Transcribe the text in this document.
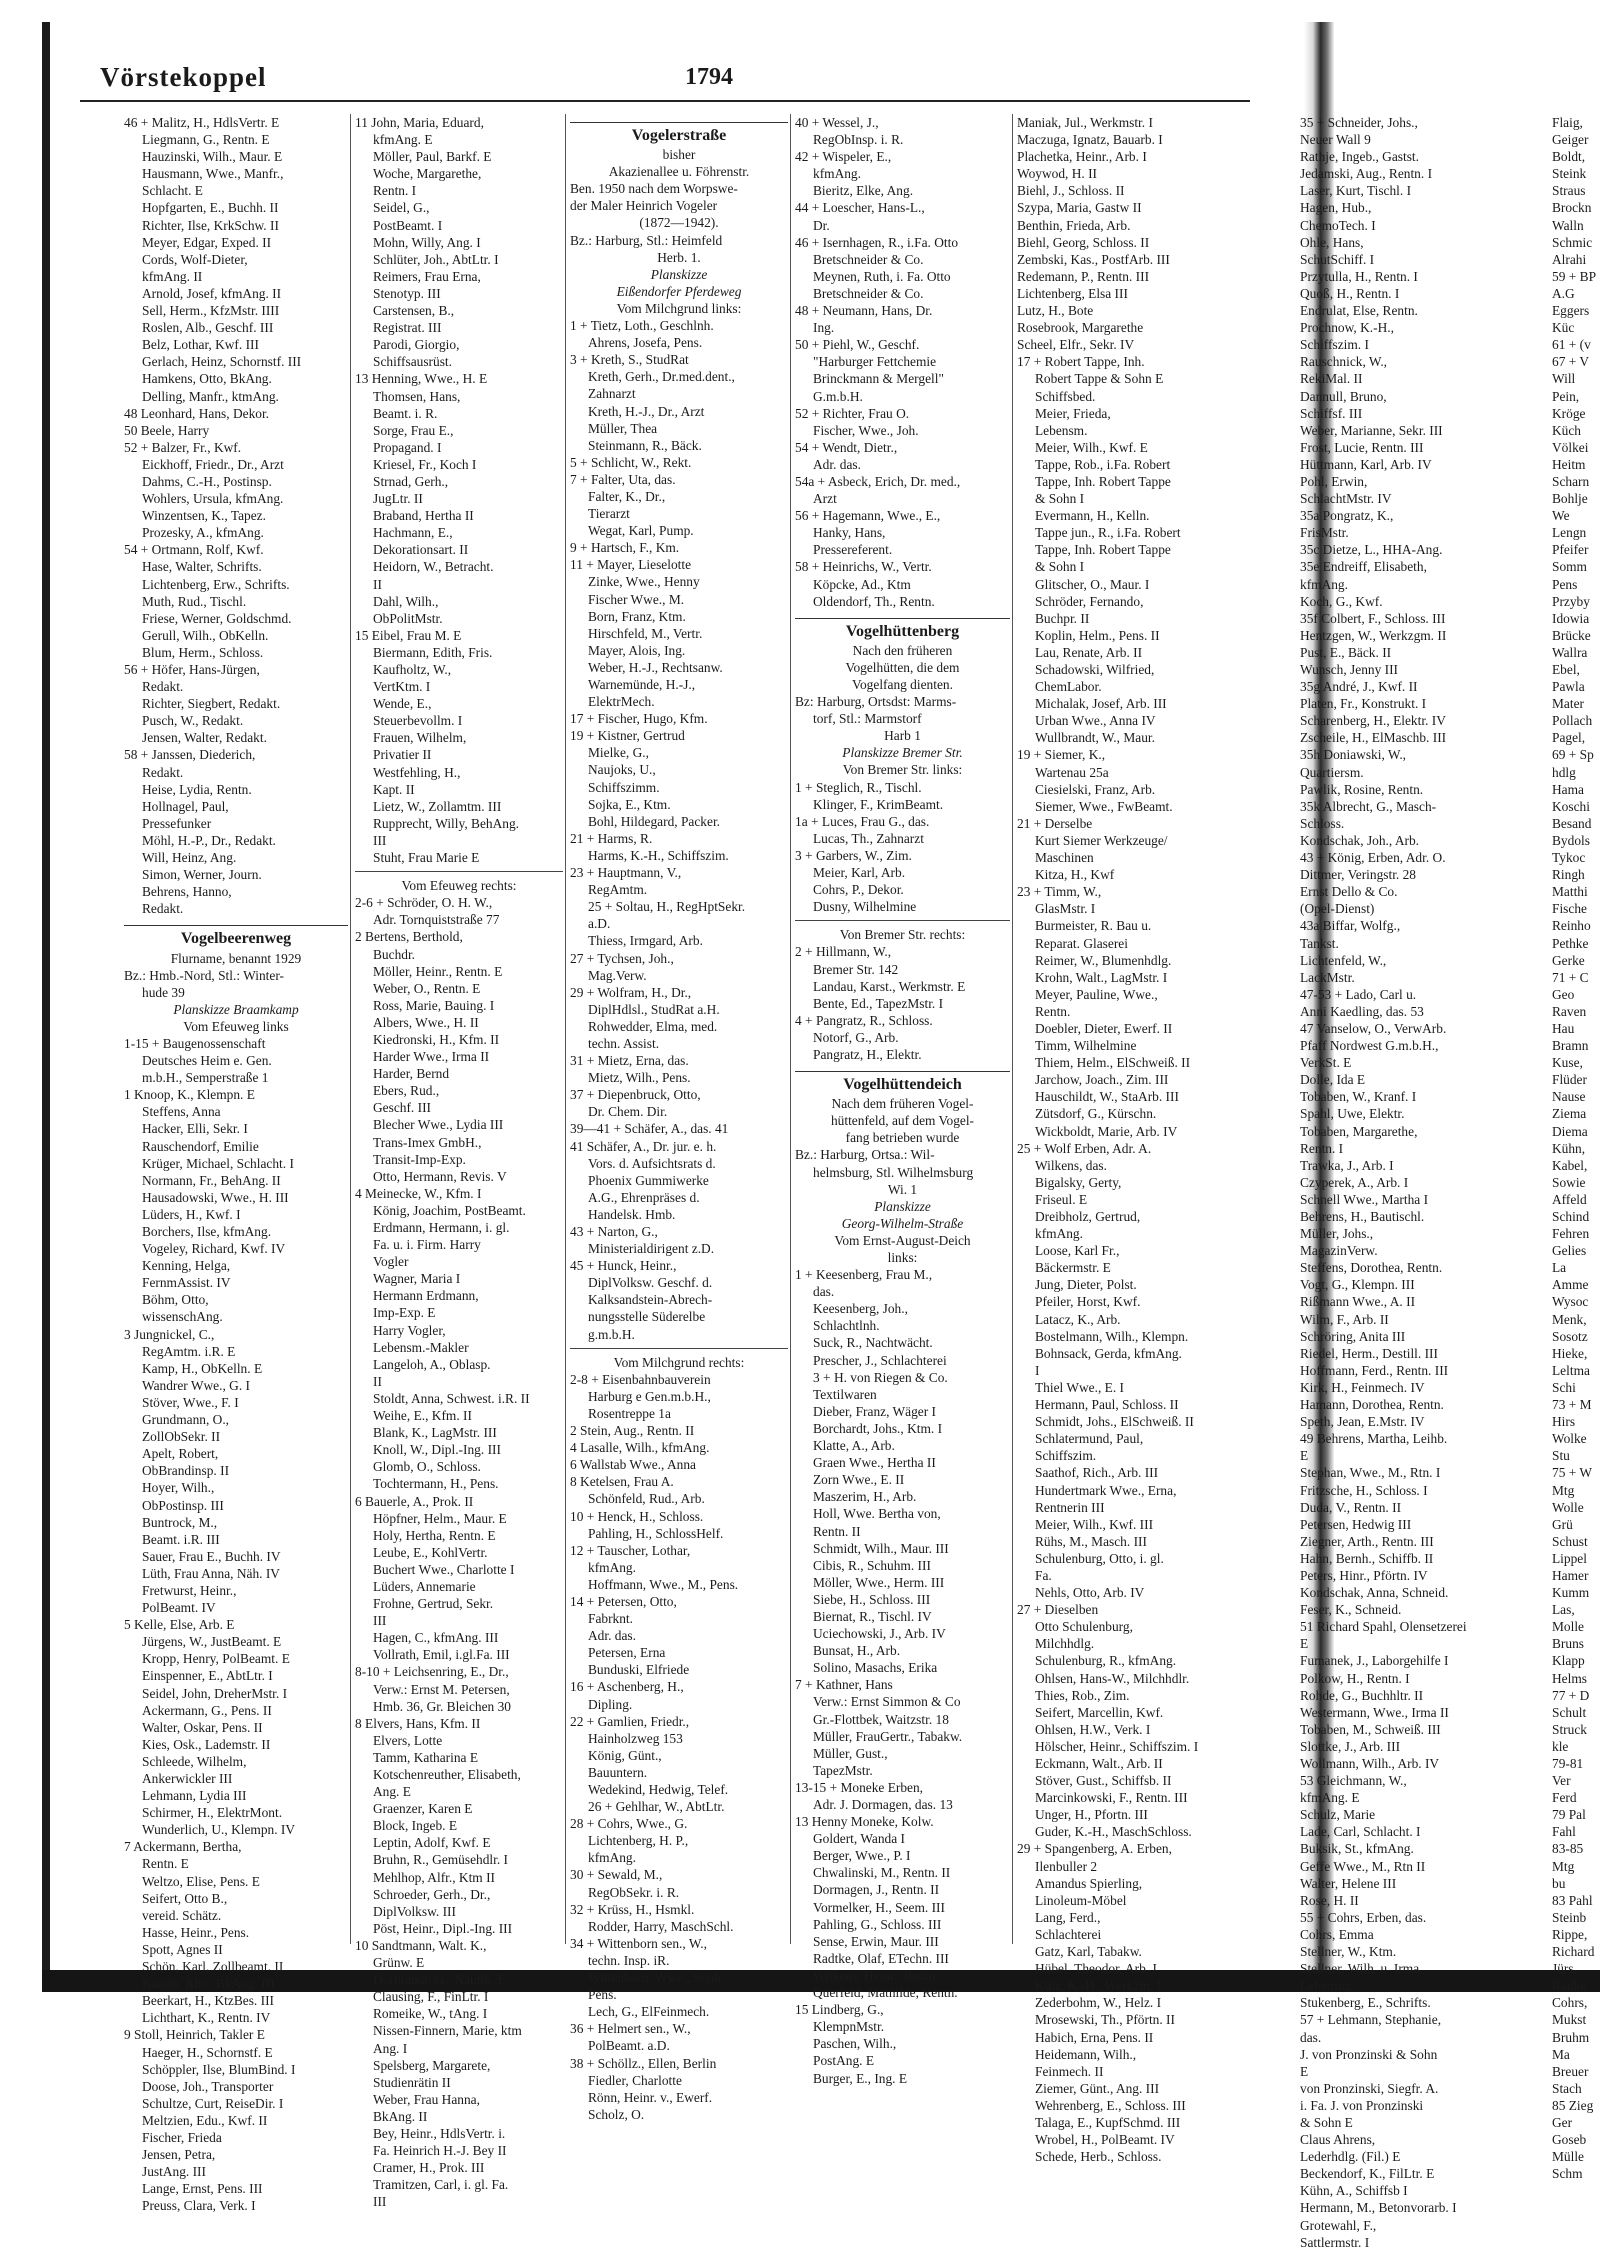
Vörstekoppel	1794

46 + Malitz, H., HdlsVertr. E

Liegmann, G., Rentn. E

Hauzinski, Wilh., Maur. E

Hausmann, Wwe., Manfr.,

Schlacht. E

Hopfgarten, E., Buchh. II

Richter, Ilse, KrkSchw. II

Meyer, Edgar, Exped. II

Cords, Wolf-Dieter,

kfmAng. II

Arnold, Josef, kfmAng. II

Sell, Herm., KfzMstr. IIII

Roslen, Alb., Geschf. III

Belz, Lothar, Kwf. III

Gerlach, Heinz, Schornstf. III

Hamkens, Otto, BkAng.

Delling, Manfr., ktmAng.

48 Leonhard, Hans, Dekor.

50 Beele, Harry

52 + Balzer, Fr., Kwf.

Eickhoff, Friedr., Dr., Arzt

Dahms, C.-H., Postinsp.

Wohlers, Ursula, kfmAng.

Winzentsen, K., Tapez.

Prozesky, A., kfmAng.

54 + Ortmann, Rolf, Kwf.

Hase, Walter, Schrifts.

Lichtenberg, Erw., Schrifts.

Muth, Rud., Tischl.

Friese, Werner, Goldschmd.

Gerull, Wilh., ObKelln.

Blum, Herm., Schloss.

56 + Höfer, Hans-Jürgen,

Redakt.

Richter, Siegbert, Redakt.

Pusch, W., Redakt.

Jensen, Walter, Redakt.

58 + Janssen, Diederich,

Redakt.

Heise, Lydia, Rentn.

Hollnagel, Paul,

Pressefunker

Möhl, H.-P., Dr., Redakt.

Will, Heinz, Ang.

Simon, Werner, Journ.

Behrens, Hanno,

Redakt.

Vogelbeerenweg

Flurname, benannt 1929

Bz.: Hmb.-Nord, Stl.: Winter-

hude 39

Planskizze Braamkamp

Vom Efeuweg links

1-15 + Baugenossenschaft

Deutsches Heim e. Gen.

m.b.H., Semperstraße 1

1 Knoop, K., Klempn. E

Steffens, Anna

Hacker, Elli, Sekr. I

Rauschendorf, Emilie

Krüger, Michael, Schlacht. I

Normann, Fr., BehAng. II

Hausadowski, Wwe., H. III

Lüders, H., Kwf. I

Borchers, Ilse, kfmAng.

Vogeley, Richard, Kwf. IV

Kenning, Helga,

FernmAssist. IV

Böhm, Otto,

wissenschAng.

3 Jungnickel, C.,

RegAmtm. i.R. E

Kamp, H., ObKelln. E

Wandrer Wwe., G. I

Stöver, Wwe., F. I

Grundmann, O.,

ZollObSekr. II

Apelt, Robert,

ObBrandinsp. II

Hoyer, Wilh.,

ObPostinsp. III

Buntrock, M.,

Beamt. i.R. III

Sauer, Frau E., Buchh. IV

Lüth, Frau Anna, Näh. IV

Fretwurst, Heinr.,

PolBeamt. IV

5 Kelle, Else, Arb. E

Jürgens, W., JustBeamt. E

Kropp, Henry, PolBeamt. E

Einspenner, E., AbtLtr. I

Seidel, John, DreherMstr. I

Ackermann, G., Pens. II

Walter, Oskar, Pens. II

Kies, Osk., Lademstr. II

Schleede, Wilhelm,

Ankerwickler III

Lehmann, Lydia III

Schirmer, H., ElektrMont.

Wunderlich, U., Klempn. IV

7 Ackermann, Bertha,

Rentn. E

Weltzo, Elise, Pens. E

Seifert, Otto B.,

vereid. Schätz.

Hasse, Heinr., Pens.

Spott, Agnes II

Schön, Karl, Zollbeamt. II

Kamm, Alfr., BkAng. III

Beerkart, H., KtzBes. III

Lichthart, K., Rentn. IV

9 Stoll, Heinrich, Takler E

Haeger, H., Schornstf. E

Schöppler, Ilse, BlumBind. I

Doose, Joh., Transporter

Schultze, Curt, ReiseDir. I

Meltzien, Edu., Kwf. II

Fischer, Frieda

Jensen, Petra,

JustAng. III

Lange, Ernst, Pens. III

Preuss, Clara, Verk. I

11 John, Maria, Eduard,

kfmAng. E

Möller, Paul, Barkf. E

Woche, Margarethe,

Rentn. I

Seidel, G.,

PostBeamt. I

Mohn, Willy, Ang. I

Schlüter, Joh., AbtLtr. I

Reimers, Frau Erna,

Stenotyp. III

Carstensen, B.,

Registrat. III

Parodi, Giorgio,

Schiffsausrüst.

13 Henning, Wwe., H. E

Thomsen, Hans,

Beamt. i. R.

Sorge, Frau E.,

Propagand. I

Kriesel, Fr., Koch I

Strnad, Gerh.,

JugLtr. II

Braband, Hertha II

Hachmann, E.,

Dekorationsart. II

Heidorn, W., Betracht.

II

Dahl, Wilh.,

ObPolitMstr.

15 Eibel, Frau M. E

Biermann, Edith, Fris.

Kaufholtz, W.,

VertKtm. I

Wende, E.,

Steuerbevollm. I

Frauen, Wilhelm,

Privatier II

Westfehling, H.,

Kapt. II

Lietz, W., Zollamtm. III

Rupprecht, Willy, BehAng.

III

Stuht, Frau Marie E

Vom Efeuweg rechts:

2-6 + Schröder, O. H. W.,

Adr. Tornquiststraße 77

2 Bertens, Berthold,

Buchdr.

Möller, Heinr., Rentn. E

Weber, O., Rentn. E

Ross, Marie, Bauing. I

Albers, Wwe., H. II

Kiedronski, H., Kfm. II

Harder Wwe., Irma II

Harder, Bernd

Ebers, Rud.,

Geschf. III

Blecher Wwe., Lydia III

Trans-Imex GmbH.,

Transit-Imp-Exp.

Otto, Hermann, Revis. V

4 Meinecke, W., Kfm. I

König, Joachim, PostBeamt.

Erdmann, Hermann, i. gl.

Fa. u. i. Firm. Harry

Vogler

Wagner, Maria I

Hermann Erdmann,

Imp-Exp. E

Harry Vogler,

Lebensm.-Makler

Langeloh, A., Oblasp.

II

Stoldt, Anna, Schwest. i.R. II

Weihe, E., Kfm. II

Blank, K., LagMstr. III

Knoll, W., Dipl.-Ing. III

Glomb, O., Schloss.

Tochtermann, H., Pens.

6 Bauerle, A., Prok. II

Höpfner, Helm., Maur. E

Holy, Hertha, Rentn. E

Leube, E., KohlVertr.

Buchert Wwe., Charlotte I

Lüders, Annemarie

Frohne, Gertrud, Sekr.

III

Hagen, C., kfmAng. III

Vollrath, Emil, i.gl.Fa. III

8-10 + Leichsenring, E., Dr.,

Verw.: Ernst M. Petersen,

Hmb. 36, Gr. Bleichen 30

8 Elvers, Hans, Kfm. II

Elvers, Lotte

Tamm, Katharina E

Kotschenreuther, Elisabeth,

Ang. E

Graenzer, Karen E

Block, Ingeb. E

Leptin, Adolf, Kwf. E

Bruhn, R., Gemüsehdlr. I

Mehlhop, Alfr., Ktm II

Schroeder, Gerh., Dr.,

DiplVolksw. III

Pöst, Heinr., Dipl.-Ing. III

10 Sandtmann, Walt. K.,

Grünw. E

Dorbrandt, G., Nautik. E

Clausing, F., FinLtr. I

Romeike, W., tAng. I

Nissen-Finnern, Marie, ktm

Ang. I

Spelsberg, Margarete,

Studienrätin II

Weber, Frau Hanna,

BkAng. II

Bey, Heinr., HdlsVertr. i.

Fa. Heinrich H.-J. Bey II

Cramer, H., Prok. III

Tramitzen, Carl, i. gl. Fa.

III

Vogelerstraße

bisher

Akazienallee u. Föhrenstr.

Ben. 1950 nach dem Worpswe-

der Maler Heinrich Vogeler

(1872—1942).

Bz.: Harburg, Stl.: Heimfeld

Herb. 1.

Planskizze

Eißendorfer Pferdeweg

Vom Milchgrund links:

1 + Tietz, Loth., Geschlnh.

Ahrens, Josefa, Pens.

3 + Kreth, S., StudRat

Kreth, Gerh., Dr.med.dent.,

Zahnarzt

Kreth, H.-J., Dr., Arzt

Müller, Thea

Steinmann, R., Bäck.

5 + Schlicht, W., Rekt.

7 + Falter, Uta, das.

Falter, K., Dr.,

Tierarzt

Wegat, Karl, Pump.

9 + Hartsch, F., Km.

11 + Mayer, Lieselotte

Zinke, Wwe., Henny

Fischer Wwe., M.

Born, Franz, Ktm.

Hirschfeld, M., Vertr.

Mayer, Alois, Ing.

Weber, H.-J., Rechtsanw.

Warnemünde, H.-J.,

ElektrMech.

17 + Fischer, Hugo, Kfm.

19 + Kistner, Gertrud

Mielke, G.,

Naujoks, U.,

Schiffszimm.

Sojka, E., Ktm.

Bohl, Hildegard, Packer.

21 + Harms, R.

Harms, K.-H., Schiffszim.

23 + Hauptmann, V.,

RegAmtm.

25 + Soltau, H., RegHptSekr.

a.D.

Thiess, Irmgard, Arb.

27 + Tychsen, Joh.,

Mag.Verw.

29 + Wolfram, H., Dr.,

DiplHdlsl., StudRat a.H.

Rohwedder, Elma, med.

techn. Assist.

31 + Mietz, Erna, das.

Mietz, Wilh., Pens.

37 + Diepenbruck, Otto,

Dr. Chem. Dir.

39—41 + Schäfer, A., das. 41

41 Schäfer, A., Dr. jur. e. h.

Vors. d. Aufsichtsrats d.

Phoenix Gummiwerke

A.G., Ehrenpräses d.

Handelsk. Hmb.

43 + Narton, G.,

Ministerialdirigent z.D.

45 + Hunck, Heinr.,

DiplVolksw. Geschf. d.

Kalksandstein-Abrech-

nungsstelle Süderelbe

g.m.b.H.

Vom Milchgrund rechts:

2-8 + Eisenbahnbauverein

Harburg e Gen.m.b.H.,

Rosentreppe 1a

2 Stein, Aug., Rentn. II

4 Lasalle, Wilh., kfmAng.

6 Wallstab Wwe., Anna

8 Ketelsen, Frau A.

Schönfeld, Rud., Arb.

10 + Henck, H., Schloss.

Pahling, H., SchlossHelf.

12 + Tauscher, Lothar,

kfmAng.

Hoffmann, Wwe., M., Pens.

14 + Petersen, Otto,

Fabrknt.

Adr. das.

Petersen, Erna

Bunduski, Elfriede

16 + Aschenberg, H.,

Dipling.

22 + Gamlien, Friedr.,

Hainholzweg 153

König, Günt.,

Bauuntern.

Wedekind, Hedwig, Telef.

26 + Gehlhar, W., AbtLtr.

28 + Cohrs, Wwe., G.

Lichtenberg, H. P.,

kfmAng.

30 + Sewald, M.,

RegObSekr. i. R.

32 + Krüss, H., Hsmkl.

Rodder, Harry, MaschSchl.

34 + Wittenborn sen., W.,

techn. Insp. iR.

Wittenborn, Wwe., Soph.

Pens.

Lech, G., ElFeinmech.

36 + Helmert sen., W.,

PolBeamt. a.D.

38 + Schöllz., Ellen, Berlin

Fiedler, Charlotte

Rönn, Heinr. v., Ewerf.

Scholz, O.

40 + Wessel, J.,

RegObInsp. i. R.

42 + Wispeler, E.,

kfmAng.

Bieritz, Elke, Ang.

44 + Loescher, Hans-L.,

Dr.

46 + Isernhagen, R., i.Fa. Otto

Bretschneider & Co.

Meynen, Ruth, i. Fa. Otto

Bretschneider & Co.

48 + Neumann, Hans, Dr.

Ing.

50 + Piehl, W., Geschf.

"Harburger Fettchemie

Brinckmann & Mergell"

G.m.b.H.

52 + Richter, Frau O.

Fischer, Wwe., Joh.

54 + Wendt, Dietr.,

Adr. das.

54a + Asbeck, Erich, Dr. med.,

Arzt

56 + Hagemann, Wwe., E.,

Hanky, Hans,

Pressereferent.

58 + Heinrichs, W., Vertr.

Köpcke, Ad., Ktm

Oldendorf, Th., Rentn.

Vogelhüttenberg

Nach den früheren

Vogelhütten, die dem

Vogelfang dienten.

Bz: Harburg, Ortsdst: Marms-

torf, Stl.: Marmstorf

Harb 1

Planskizze Bremer Str.

Von Bremer Str. links:

1 + Steglich, R., Tischl.

Klinger, F., KrimBeamt.

1a + Luces, Frau G., das.

Lucas, Th., Zahnarzt

3 + Garbers, W., Zim.

Meier, Karl, Arb.

Cohrs, P., Dekor.

Dusny, Wilhelmine

Von Bremer Str. rechts:

2 + Hillmann, W.,

Bremer Str. 142

Landau, Karst., Werkmstr. E

Bente, Ed., TapezMstr. I

4 + Pangratz, R., Schloss.

Notorf, G., Arb.

Pangratz, H., Elektr.

Vogelhüttendeich

Nach dem früheren Vogel-

hüttenfeld, auf dem Vogel-

fang betrieben wurde

Bz.: Harburg, Ortsa.: Wil-

helmsburg, Stl. Wilhelmsburg

Wi. 1

Planskizze

Georg-Wilhelm-Straße

Vom Ernst-August-Deich

links:

1 + Keesenberg, Frau M.,

das.

Keesenberg, Joh.,

Schlachtlnh.

Suck, R., Nachtwächt.

Prescher, J., Schlachterei

3 + H. von Riegen & Co.

Textilwaren

Dieber, Franz, Wäger I

Borchardt, Johs., Ktm. I

Klatte, A., Arb.

Graen Wwe., Hertha II

Zorn Wwe., E. II

Maszerim, H., Arb.

Holl, Wwe. Bertha von,

Rentn. II

Schmidt, Wilh., Maur. III

Cibis, R., Schuhm. III

Möller, Wwe., Herm. III

Siebe, H., Schloss. III

Biernat, R., Tischl. IV

Uciechowski, J., Arb. IV

Bunsat, H., Arb.

Solino, Masachs, Erika

7 + Kathner, Hans

Verw.: Ernst Simmon & Co

Gr.-Flottbek, Waitzstr. 18

Müller, FrauGertr., Tabakw.

Müller, Gust.,

TapezMstr.

13-15 + Moneke Erben,

Adr. J. Dormagen, das. 13

13 Henny Moneke, Kolw.

Goldert, Wanda I

Berger, Wwe., P. I

Chwalinski, M., Rentn. II

Dormagen, J., Rentn. II

Vormelker, H., Seem. III

Pahling, G., Schloss. III

Sense, Erwin, Maur. III

Radtke, Olaf, ETechn. III

Wilkens, Heinr., Rentn.

Querfeld, Mathilde, Rentn.

15 Lindberg, G.,

KlempnMstr.

Paschen, Wilh.,

PostAng. E

Burger, E., Ing. E

Maniak, Jul., Werkmstr. I

Maczuga, Ignatz, Bauarb. I

Plachetka, Heinr., Arb. I

Woywod, H. II

Biehl, J., Schloss. II

Szypa, Maria, Gastw II

Benthin, Frieda, Arb.

Biehl, Georg, Schloss. II

Zembski, Kas., PostfArb. III

Redemann, P., Rentn. III

Lichtenberg, Elsa III

Lutz, H., Bote

Rosebrook, Margarethe

Scheel, Elfr., Sekr. IV

17 + Robert Tappe, Inh.

Robert Tappe & Sohn E

Schiffsbed.

Meier, Frieda,

Lebensm.

Meier, Wilh., Kwf. E

Tappe, Rob., i.Fa. Robert

Tappe, Inh. Robert Tappe

& Sohn I

Evermann, H., Kelln.

Tappe jun., R., i.Fa. Robert

Tappe, Inh. Robert Tappe

& Sohn I

Glitscher, O., Maur. I

Schröder, Fernando,

Buchpr. II

Koplin, Helm., Pens. II

Lau, Renate, Arb. II

Schadowski, Wilfried,

ChemLabor.

Michalak, Josef, Arb. III

Urban Wwe., Anna IV

Wullbrandt, W., Maur.

19 + Siemer, K.,

Wartenau 25a

Ciesielski, Franz, Arb.

Siemer, Wwe., FwBeamt.

21 + Derselbe

Kurt Siemer Werkzeuge/

Maschinen

Kitza, H., Kwf

23 + Timm, W.,

GlasMstr. I

Burmeister, R. Bau u.

Reparat. Glaserei

Reimer, W., Blumenhdlg.

Krohn, Walt., LagMstr. I

Meyer, Pauline, Wwe.,

Rentn.

Doebler, Dieter, Ewerf. II

Timm, Wilhelmine

Thiem, Helm., ElSchweiß. II

Jarchow, Joach., Zim. III

Hauschildt, W., StaArb. III

Zütsdorf, G., Kürschn.

Wickboldt, Marie, Arb. IV

25 + Wolf Erben, Adr. A.

Wilkens, das.

Bigalsky, Gerty,

Friseul. E

Dreibholz, Gertrud,

kfmAng.

Loose, Karl Fr.,

Bäckermstr. E

Jung, Dieter, Polst.

Pfeiler, Horst, Kwf.

Latacz, K., Arb.

Bostelmann, Wilh., Klempn.

Bohnsack, Gerda, kfmAng.

I

Thiel Wwe., E. I

Hermann, Paul, Schloss. II

Schmidt, Johs., ElSchweiß. II

Schlatermund, Paul,

Schiffszim.

Saathof, Rich., Arb. III

Hundertmark Wwe., Erna,

Rentnerin III

Meier, Wilh., Kwf. III

Rühs, M., Masch. III

Schulenburg, Otto, i. gl.

Fa.

Nehls, Otto, Arb. IV

27 + Dieselben

Otto Schulenburg,

Milchhdlg.

Schulenburg, R., kfmAng.

Ohlsen, Hans-W., Milchhdlr.

Thies, Rob., Zim.

Seifert, Marcellin, Kwf.

Ohlsen, H.W., Verk. I

Hölscher, Heinr., Schiffszim. I

Eckmann, Walt., Arb. II

Stöver, Gust., Schiffsb. II

Marcinkowski, F., Rentn. III

Unger, H., Pfortn. III

Guder, K.-H., MaschSchloss.

29 + Spangenberg, A. Erben,

Ilenbuller 2

Amandus Spierling,

Linoleum-Möbel

Lang, Ferd.,

Schlachterei

Gatz, Karl, Tabakw.

Hübel, Theodor, Arb. I

Kulz, K.-H., Werkzm. I

Zederbohm, W., Helz. I

Mrosewski, Th., Pförtn. II

Habich, Erna, Pens. II

Heidemann, Wilh.,

Feinmech. II

Ziemer, Günt., Ang. III

Wehrenberg, E., Schloss. III

Talaga, E., KupfSchmd. III

Wrobel, H., PolBeamt. IV

Schede, Herb., Schloss.

35 + Schneider, Johs.,

Neuer Wall 9

Rathje, Ingeb., Gastst.

Jedamski, Aug., Rentn. I

Laser, Kurt, Tischl. I

Hagen, Hub.,

ChemoTech. I

Ohle, Hans,

SchutSchiff. I

Przytulla, H., Rentn. I

Quoß, H., Rentn. I

Endrulat, Else, Rentn.

Prochnow, K.-H.,

Schiffszim. I

Rauschnick, W.,

RekiMal. II

Dannull, Bruno,

Schiffsf. III

Weber, Marianne, Sekr. III

Frost, Lucie, Rentn. III

Hüttmann, Karl, Arb. IV

Pohl, Erwin,

SchlachtMstr. IV

35a Pongratz, K.,

FrisMstr.

35c Dietze, L., HHA-Ang.

35e Endreiff, Elisabeth,

kfmAng.

Koch, G., Kwf.

35f Colbert, F., Schloss. III

Hentzgen, W., Werkzgm. II

Pust, E., Bäck. II

Wunsch, Jenny III

35g André, J., Kwf. II

Platen, Fr., Konstrukt. I

Scharenberg, H., Elektr. IV

Zscheile, H., ElMaschb. III

35h Doniawski, W.,

Quartiersm.

Pawlik, Rosine, Rentn.

35k Albrecht, G., Masch-

Schloss.

Kondschak, Joh., Arb.

43 + König, Erben, Adr. O.

Dittmer, Veringstr. 28

Ernst Dello & Co.

(Opel-Dienst)

43a Biffar, Wolfg.,

Tankst.

Lichtenfeld, W.,

LackMstr.

47-53 + Lado, Carl u.

Anni Kaedling, das. 53

47 Vanselow, O., VerwArb.

Pfaff Nordwest G.m.b.H.,

VerkSt. E

Dolle, Ida E

Tobaben, W., Kranf. I

Spahl, Uwe, Elektr.

Tobaben, Margarethe,

Rentn. I

Trawka, J., Arb. I

Czyperek, A., Arb. I

Schnell Wwe., Martha I

Behrens, H., Bautischl.

Müller, Johs.,

MagazinVerw.

Steffens, Dorothea, Rentn.

Vogt, G., Klempn. III

Rißmann Wwe., A. II

Wilm, F., Arb. II

Schröring, Anita III

Riedel, Herm., Destill. III

Hoffmann, Ferd., Rentn. III

Kirk, H., Feinmech. IV

Hamann, Dorothea, Rentn.

Speth, Jean, E.Mstr. IV

49 Behrens, Martha, Leihb.

E

Stephan, Wwe., M., Rtn. I

Fritzsche, H., Schloss. I

Duda, V., Rentn. II

Petersen, Hedwig III

Ziegner, Arth., Rentn. III

Hahn, Bernh., Schiffb. II

Peters, Hinr., Pförtn. IV

Kondschak, Anna, Schneid.

Feser, K., Schneid.

51 Richard Spahl, Olensetzerei

E

Fumanek, J., Laborgehilfe I

Polkow, H., Rentn. I

Rohde, G., Buchhltr. II

Westermann, Wwe., Irma II

Tobaben, M., Schweiß. III

Slottke, J., Arb. III

Wollmann, Wilh., Arb. IV

53 Gleichmann, W.,

kfmAng. E

Schulz, Marie

Lade, Carl, Schlacht. I

Buksik, St., kfmAng.

Geffe Wwe., M., Rtn II

Walter, Helene III

Rose, H. II

55 + Cohrs, Erben, das.

Cohrs, Emma

Stellner, W., Ktm.

Stellner, Wilh. u. Irma,

Lebensm.

Stukenberg, E., Schrifts.

57 + Lehmann, Stephanie,

das.

J. von Pronzinski & Sohn

E

von Pronzinski, Siegfr. A.

i. Fa. J. von Pronzinski

& Sohn E

Claus Ahrens,

Lederhdlg. (Fil.) E

Beckendorf, K., FilLtr. E

Kühn, A., Schiffsb I

Hermann, M., Betonvorarb. I

Grotewahl, F.,

Sattlermstr. I

Flaig,

Geiger

Boldt,

Steink

Straus

Brockn

Walln

Schmic

Alrahi

59 + BP

A.G

Eggers

Küc

61 + (v

67 + V

Will

Pein,

Kröge

Küch

Völkei

Heitm

Scharn

Bohlje

We

Lengn

Pfeifer

Somm

Pens

Przyby

Idowia

Brücke

Wallra

Ebel,

Pawla

Mater

Pollach

Pagel,

69 + Sp

hdlg

Hama

Koschi

Besand

Bydols

Tykoc

Ringh

Matthi

Fische

Reinho

Pethke

Gerke

71 + C

Geo

Raven

Hau

Bramn

Kuse,

Flüder

Nause

Ziema

Diema

Kühn,

Kabel,

Sowie

Affeld

Schind

Fehren

Gelies

La

Amme

Wysoc

Menk,

Sosotz

Hieke,

Leltma

Schi

73 + M

Hirs

Wolke

Stu

75 + W

Mtg

Wolle

Grü

Schust

Lippel

Hamer

Kumm

Las,

Molle

Bruns

Klapp

Helms

77 + D

Schult

Struck

kle

79-81

Ver

Ferd

79 Pal

Fahl

83-85

Mtg

bu

83 Pahl

Steinb

Rippe,

Richard

Jürs,

Radke

Cohrs,

Mukst

Bruhm

Ma

Breuer

Stach

85 Zieg

Ger

Goseb

Mülle

Schm
